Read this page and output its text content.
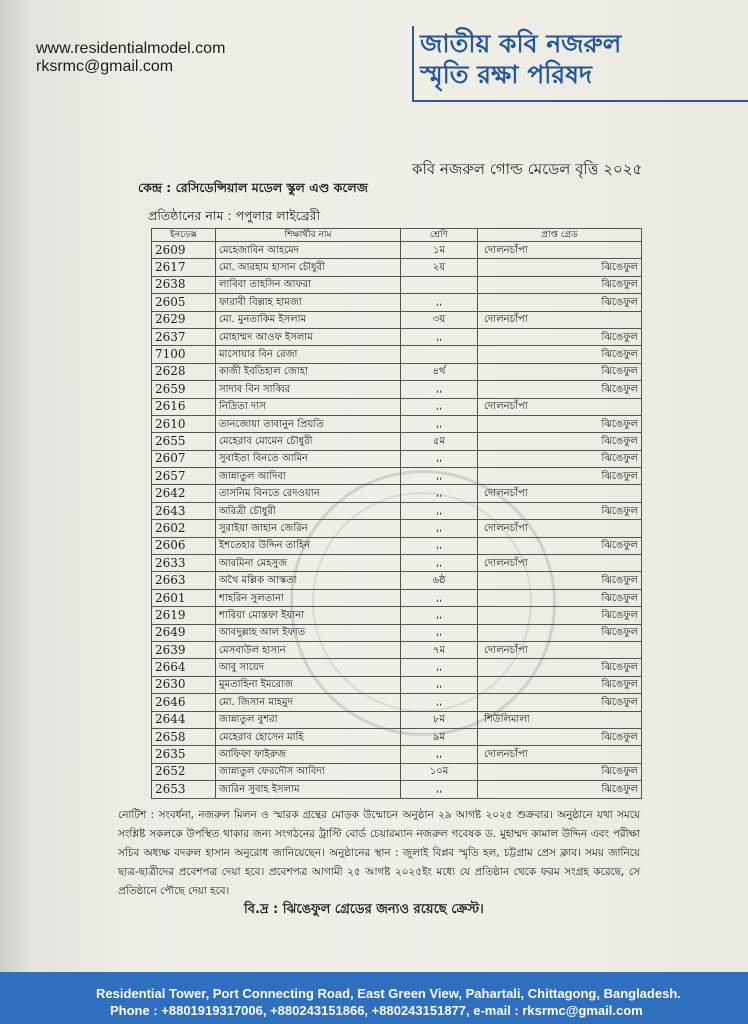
www.residentialmodel.com
rksrmc@gmail.com
জাতীয় কবি নজরুল
স্মৃতি রক্ষা পরিষদ
কবি নজরুল গোল্ড মেডেল বৃত্তি ২০২৫
কেন্দ্র : রেসিডেন্সিয়াল মডেল স্কুল এণ্ড কলেজ
প্রতিষ্ঠানের নাম : পপুলার লাইব্রেরী
ইনডেক্স	শিক্ষার্থীর নাম	শ্রেণি	প্রাপ্ত গ্রেড
2609	মেহেজাবিন আহমেদ	১ম	দোলনচাঁপা
2617	মো. আরহাম হাসান চৌধুরী	২য়	ঝিঙেফুল
2638	লাবিবা তাহসিন আফরা		ঝিঙেফুল
2605	ফারাবী বিল্লাহ হামজা	,,	ঝিঙেফুল
2629	মো. মুনতাকিম ইসলাম	৩য়	দোলনচাঁপা
2637	মোহাম্মদ আওফ ইসলাম	,,	ঝিঙেফুল
7100	মাসোয়ার বিন রেজা		ঝিঙেফুল
2628	কাজী ইবতিহাল জোহা	৪র্থ	ঝিঙেফুল
2659	সাদাব বিন সাব্বির	,,	ঝিঙেফুল
2616	নিদ্রিতা দাস	,,	দোলনচাঁপা
2610	তানজোয়া তাবানুন প্রিয়তি	,,	ঝিঙেফুল
2655	মেহেরাব মোমেন চৌধুরী	৫ম	ঝিঙেফুল
2607	সুবাইতা বিনতে আমিন	,,	ঝিঙেফুল
2657	জান্নাতুল আদিবা	,,	ঝিঙেফুল
2642	তাসনিম বিনতে রেদওয়ান	,,	দোলনচাঁপা
2643	অরিত্রী চৌধুরী	,,	ঝিঙেফুল
2602	সুরাইয়া জাহান জেরিন	,,	দোলনচাঁপা
2606	ইশতেহার উদ্দিন তাহিন	,,	ঝিঙেফুল
2633	আরমিনা মেহসুজ	,,	দোলনচাঁপা
2663	অথৈ মল্লিক আস্কতা	৬ষ্ঠ	ঝিঙেফুল
2601	শাহরিন সুলতানা	,,	ঝিঙেফুল
2619	শারিয়া মোস্তফা ইয়ানা	,,	ঝিঙেফুল
2649	আবদুল্লাহ আল ইফাত	,,	ঝিঙেফুল
2639	মেসবাউল হাসান	৭ম	দোলনচাঁপা
2664	আবু সায়েদ	,,	ঝিঙেফুল
2630	মুমতাহিনা ইমরোজ	,,	ঝিঙেফুল
2646	মো. জিসান মাহমুদ	,,	ঝিঙেফুল
2644	জান্নাতুল বুশরা	৮ম	শিউলিমালা
2658	মেহেরাব হোসেন মাহি	৯ম	ঝিঙেফুল
2635	আফিফা ফাইরুজ	,,	দোলনচাঁপা
2652	জান্নাতুল ফেরদৌস আবিদা	১০ম	ঝিঙেফুল
2653	জারিন সুবাহ ইসলাম	,,	ঝিঙেফুল
নোটিশ : সংবর্ধনা, নজরুল মিলন ও স্মারক গ্রন্থের মোড়ক উন্মোচন অনুষ্ঠান ২৯ আগষ্ট ২০২৫ শুক্রবার। অনুষ্ঠানে যথা সময়ে সংশ্লিষ্ট সকলকে উপস্থিত থাকার জন্য সংগঠনের ট্রাস্টি বোর্ড চেয়ারম্যান নজরুল গবেষক ড. মুহাম্মদ কামাল উদ্দিন এবং পরীক্ষা সচিব অধ্যক্ষ বদরুল হাসান অনুরোধ জানিয়েছেন। অনুষ্ঠানের স্থান : জুলাই বিপ্লব স্মৃতি হল, চট্টগ্রাম প্রেস ক্লাব। সময় জানিয়ে ছাত্র-ছাত্রীদের প্রবেশপত্র দেয়া হবে। প্রবেশপত্র আগামী ২৫ আগষ্ট ২০২৫ইং মধ্যে যে প্রতিষ্ঠান থেকে ফরম সংগ্রহ করেছে, সে প্রতিষ্ঠানে পৌছে দেয়া হবে।
বি.দ্র : ঝিঙেফুল গ্রেডের জন্যও রয়েছে ক্রেস্ট।
Residential Tower, Port Connecting Road, East Green View, Pahartali, Chittagong, Bangladesh.
Phone : +8801919317006, +880243151866, +880243151877, e-mail : rksrmc@gmail.com
